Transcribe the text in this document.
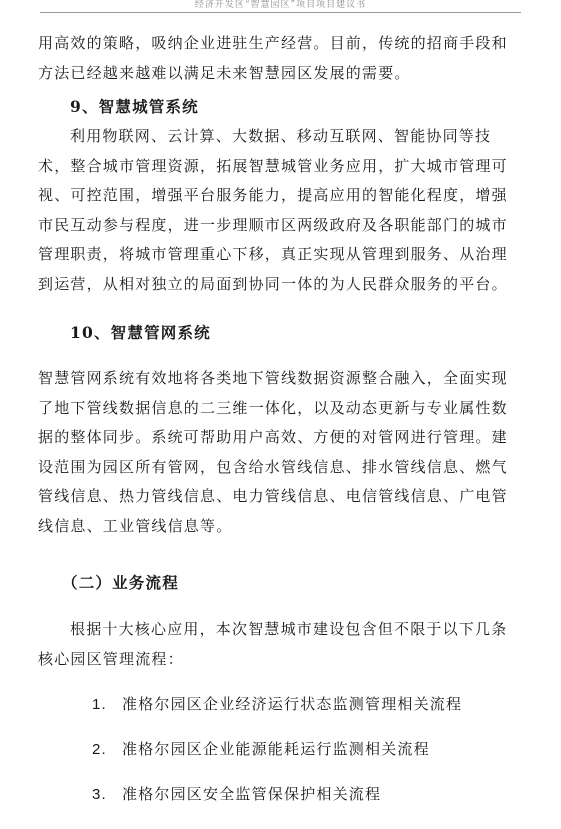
经济开发区“智慧园区”项目项目建议书

用高效的策略，吸纳企业进驻生产经营。目前，传统的招商手段和
方法已经越来越难以满足未来智慧园区发展的需要。

9、智慧城管系统

利用物联网、云计算、大数据、移动互联网、智能协同等技
术，整合城市管理资源，拓展智慧城管业务应用，扩大城市管理可
视、可控范围，增强平台服务能力，提高应用的智能化程度，增强
市民互动参与程度，进一步理顺市区两级政府及各职能部门的城市
管理职责，将城市管理重心下移，真正实现从管理到服务、从治理
到运营，从相对独立的局面到协同一体的为人民群众服务的平台。

10、智慧管网系统

智慧管网系统有效地将各类地下管线数据资源整合融入，全面实现
了地下管线数据信息的二三维一体化，以及动态更新与专业属性数
据的整体同步。系统可帮助用户高效、方便的对管网进行管理。建
设范围为园区所有管网，包含给水管线信息、排水管线信息、燃气
管线信息、热力管线信息、电力管线信息、电信管线信息、广电管
线信息、工业管线信息等。

（二）业务流程

根据十大核心应用，本次智慧城市建设包含但不限于以下几条
核心园区管理流程：

1. 准格尔园区企业经济运行状态监测管理相关流程
2. 准格尔园区企业能源能耗运行监测相关流程
3. 准格尔园区安全监管保保护相关流程
